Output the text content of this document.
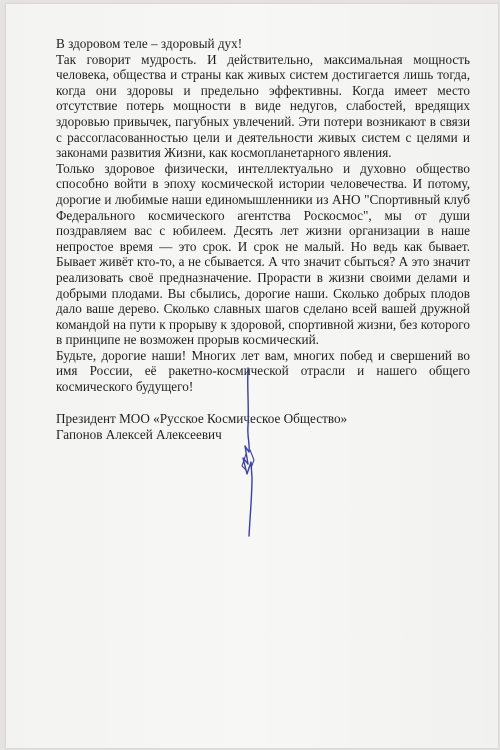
В здоровом теле – здоровый дух!

Так говорит мудрость. И действительно, максимальная мощность человека, общества и страны как живых систем достигается лишь тогда, когда они здоровы и предельно эффективны. Когда имеет место отсутствие потерь мощности в виде недугов, слабостей, вредящих здоровью привычек, пагубных увлечений. Эти потери возникают в связи с рассогласованностью цели и деятельности живых систем с целями и законами развития Жизни, как космопланетарного явления.

Только здоровое физически, интеллектуально и духовно общество способно войти в эпоху космической истории человечества. И потому, дорогие и любимые наши единомышленники из АНО "Спортивный клуб Федерального космического агентства Роскосмос", мы от души поздравляем вас с юбилеем. Десять лет жизни организации в наше непростое время — это срок. И срок не малый. Но ведь как бывает. Бывает живёт кто-то, а не сбывается. А что значит сбыться? А это значит реализовать своё предназначение. Прорасти в жизни своими делами и добрыми плодами. Вы сбылись, дорогие наши. Сколько добрых плодов дало ваше дерево. Сколько славных шагов сделано всей вашей дружной командой на пути к прорыву к здоровой, спортивной жизни, без которого в принципе не возможен прорыв космический.

Будьте, дорогие наши! Многих лет вам, многих побед и свершений во имя России, её ракетно-космической отрасли и нашего общего космического будущего!

Президент МОО «Русское Космическое Общество»
Гапонов Алексей Алексеевич
